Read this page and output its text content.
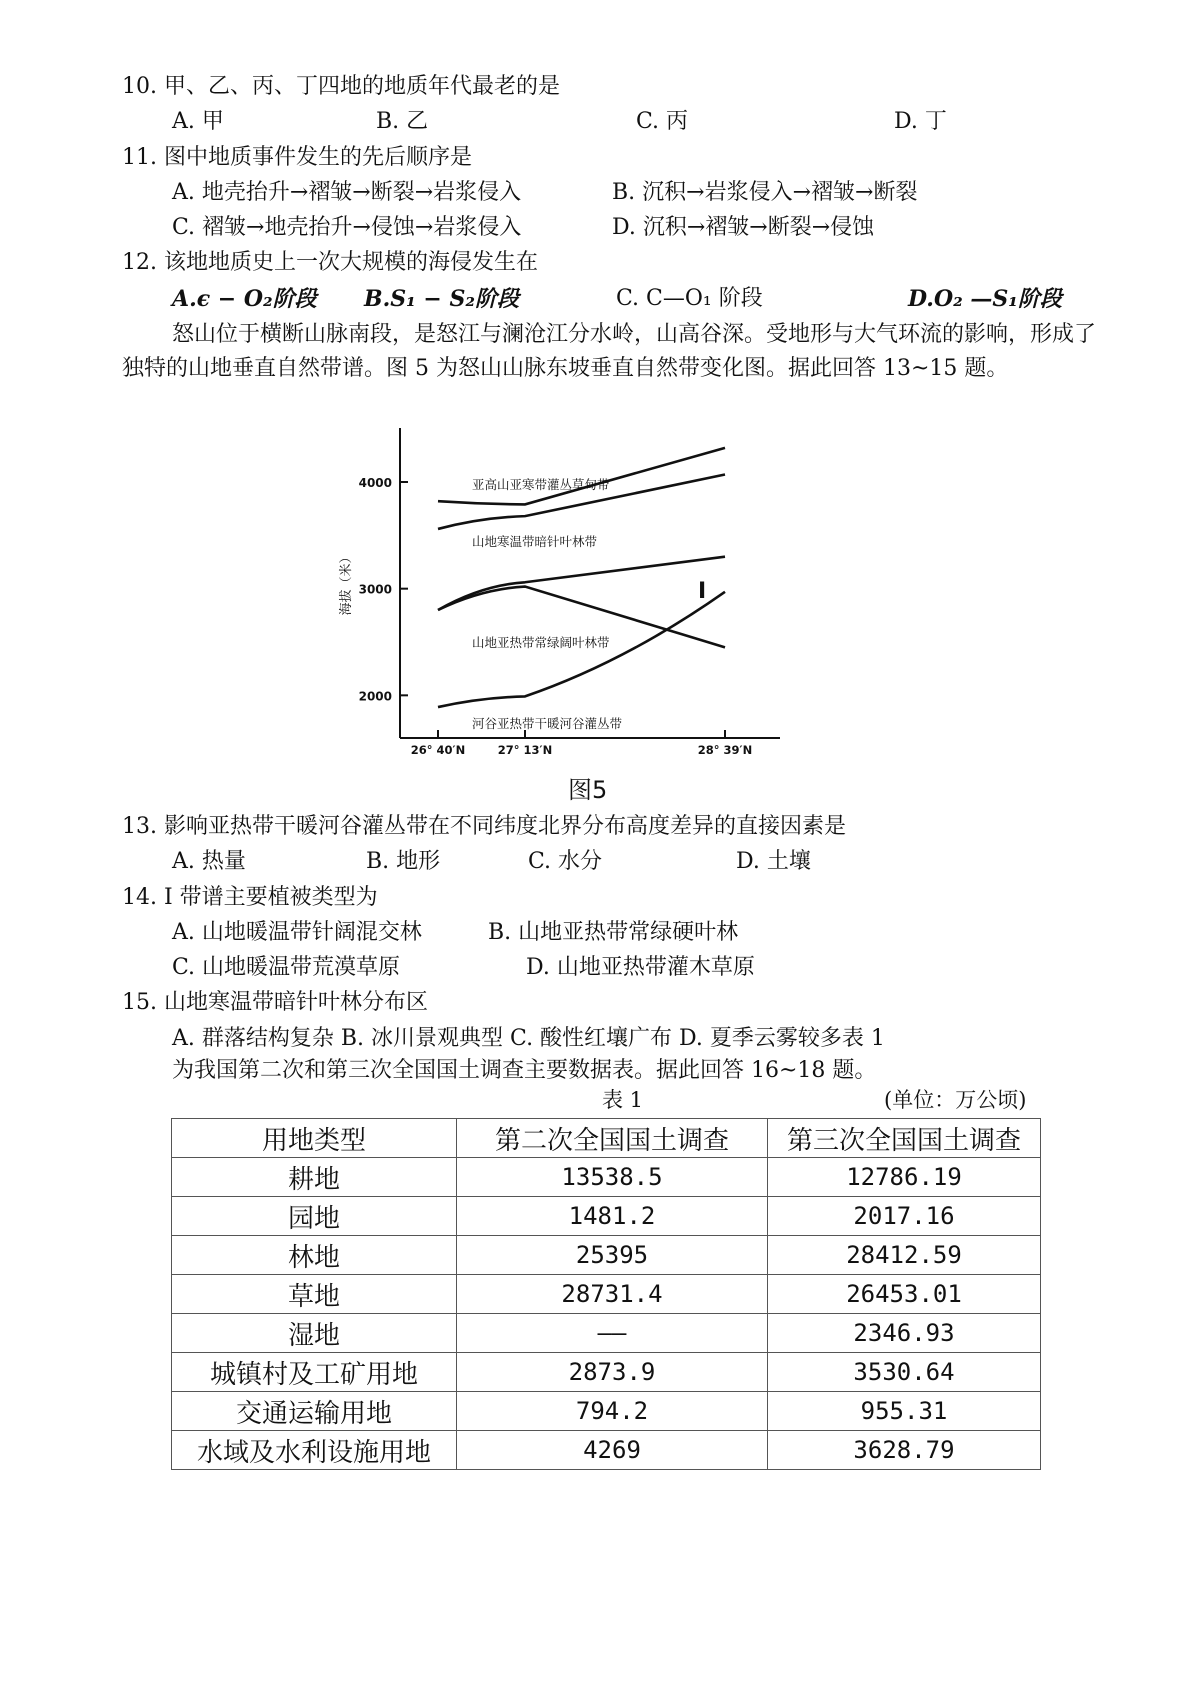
10. 甲、乙、丙、丁四地的地质年代最老的是
A. 甲	B. 乙	C. 丙	D. 丁
11. 图中地质事件发生的先后顺序是
A. 地壳抬升→褶皱→断裂→岩浆侵入	B. 沉积→岩浆侵入→褶皱→断裂
C. 褶皱→地壳抬升→侵蚀→岩浆侵入	D. 沉积→褶皱→断裂→侵蚀
12. 该地地质史上一次大规模的海侵发生在
A.ϵ − O₂阶段 B.S₁ − S₂阶段	C. C—O₁ 阶段	D.O₂ —S₁阶段
怒山位于横断山脉南段，是怒江与澜沧江分水岭，山高谷深。受地形与大气环流的影响，形成了独特的山地垂直自然带谱。图 5 为怒山山脉东坡垂直自然带变化图。据此回答 13~15 题。
4000
3000
2000
26° 40′N	27° 13′N	28° 39′N
海拔（米）
亚高山亚寒带灌丛草甸带
山地寒温带暗针叶林带
山地亚热带常绿阔叶林带
河谷亚热带干暖河谷灌丛带
I
图5
13. 影响亚热带干暖河谷灌丛带在不同纬度北界分布高度差异的直接因素是
A. 热量	B. 地形	C. 水分	D. 土壤
14. I 带谱主要植被类型为
A. 山地暖温带针阔混交林	B. 山地亚热带常绿硬叶林
C. 山地暖温带荒漠草原	D. 山地亚热带灌木草原
15. 山地寒温带暗针叶林分布区
A. 群落结构复杂 B. 冰川景观典型 C. 酸性红壤广布 D. 夏季云雾较多表 1
为我国第二次和第三次全国国土调查主要数据表。据此回答 16~18 题。
表 1	(单位：万公顷)
用地类型	第二次全国国土调查	第三次全国国土调查
耕地	13538.5	12786.19
园地	1481.2	2017.16
林地	25395	28412.59
草地	28731.4	26453.01
湿地	——	2346.93
城镇村及工矿用地	2873.9	3530.64
交通运输用地	794.2	955.31
水域及水利设施用地	4269	3628.79
